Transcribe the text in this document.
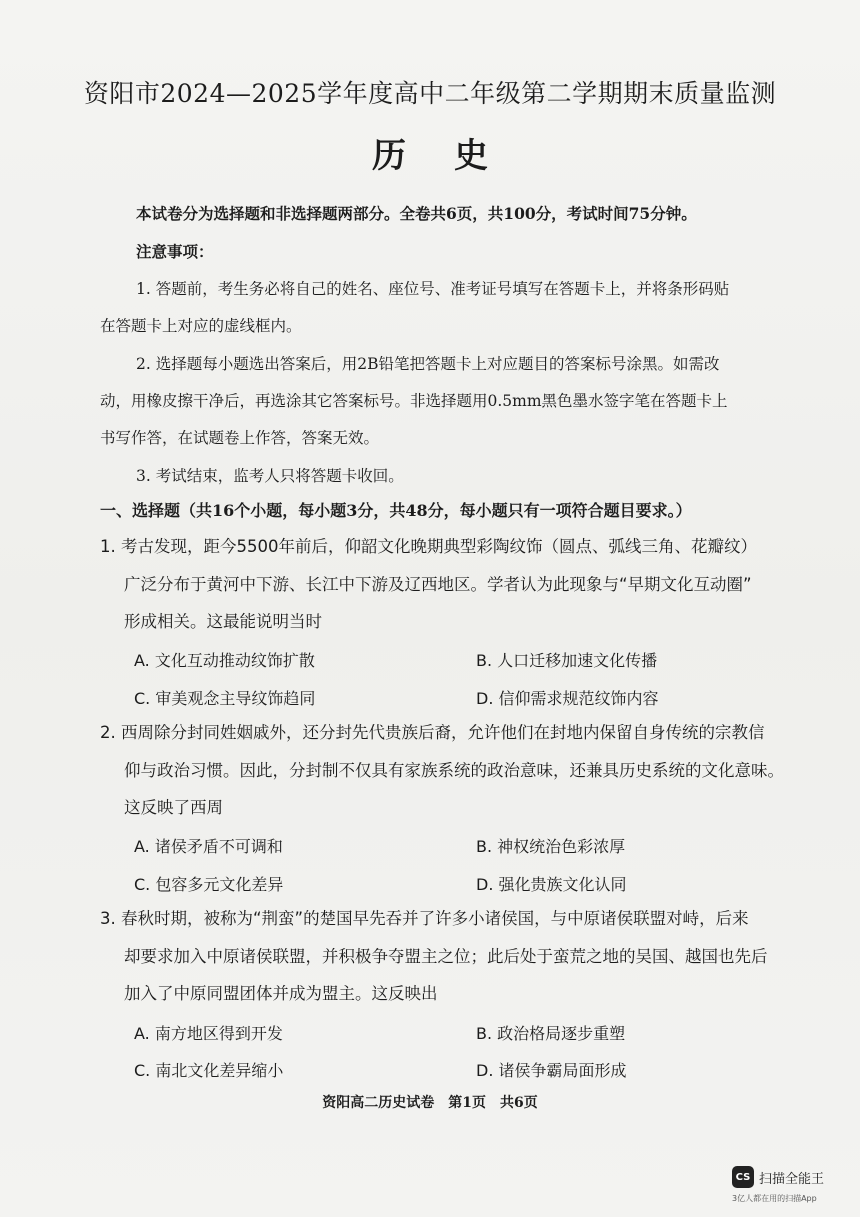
资阳市2024—2025学年度高中二年级第二学期期末质量监测
历史
本试卷分为选择题和非选择题两部分。全卷共6页，共100分，考试时间75分钟。
注意事项：
1. 答题前，考生务必将自己的姓名、座位号、准考证号填写在答题卡上，并将条形码贴
在答题卡上对应的虚线框内。
2. 选择题每小题选出答案后，用2B铅笔把答题卡上对应题目的答案标号涂黑。如需改
动，用橡皮擦干净后，再选涂其它答案标号。非选择题用0.5mm黑色墨水签字笔在答题卡上
书写作答，在试题卷上作答，答案无效。
3. 考试结束，监考人只将答题卡收回。
一、选择题（共16个小题，每小题3分，共48分，每小题只有一项符合题目要求。）
1. 考古发现，距今5500年前后，仰韶文化晚期典型彩陶纹饰（圆点、弧线三角、花瓣纹）
广泛分布于黄河中下游、长江中下游及辽西地区。学者认为此现象与“早期文化互动圈”
形成相关。这最能说明当时
A. 文化互动推动纹饰扩散	B. 人口迁移加速文化传播
C. 审美观念主导纹饰趋同	D. 信仰需求规范纹饰内容
2. 西周除分封同姓姻戚外，还分封先代贵族后裔，允许他们在封地内保留自身传统的宗教信
仰与政治习惯。因此，分封制不仅具有家族系统的政治意味，还兼具历史系统的文化意味。
这反映了西周
A. 诸侯矛盾不可调和	B. 神权统治色彩浓厚
C. 包容多元文化差异	D. 强化贵族文化认同
3. 春秋时期，被称为“荆蛮”的楚国早先吞并了许多小诸侯国，与中原诸侯联盟对峙，后来
却要求加入中原诸侯联盟，并积极争夺盟主之位；此后处于蛮荒之地的吴国、越国也先后
加入了中原同盟团体并成为盟主。这反映出
A. 南方地区得到开发	B. 政治格局逐步重塑
C. 南北文化差异缩小	D. 诸侯争霸局面形成
资阳高二历史试卷　第1页　共6页
CS 扫描全能王
3亿人都在用的扫描App
